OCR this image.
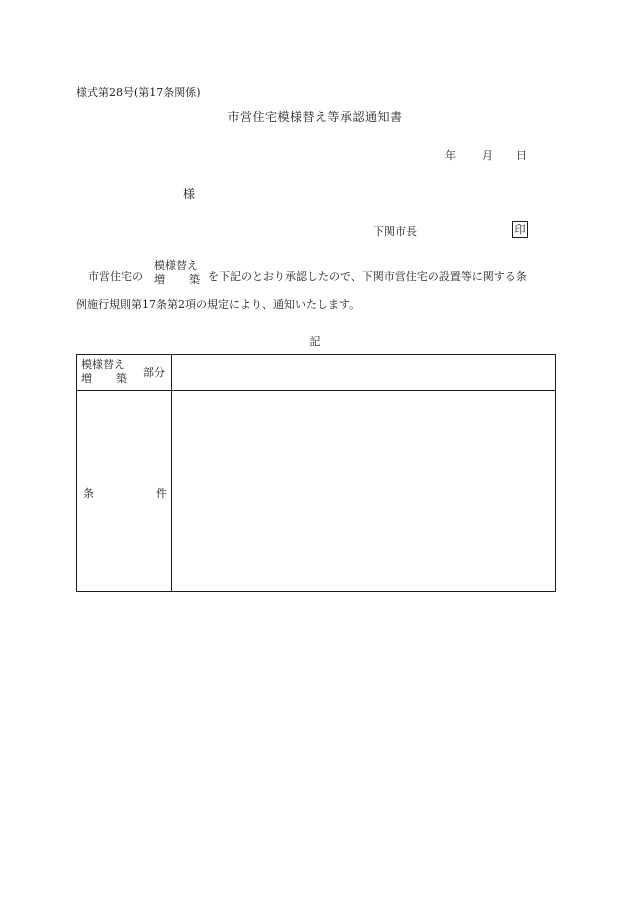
様式第28号(第17条関係)
市営住宅模様替え等承認通知書
年 月 日
様
下関市長	印
市営住宅の
模様替え
増 築 を下記のとおり承認したので、下関市営住宅の設置等に関する条
例施行規則第17条第2項の規定により、通知いたします。
記
模様替え
増 築 部分
条	件
